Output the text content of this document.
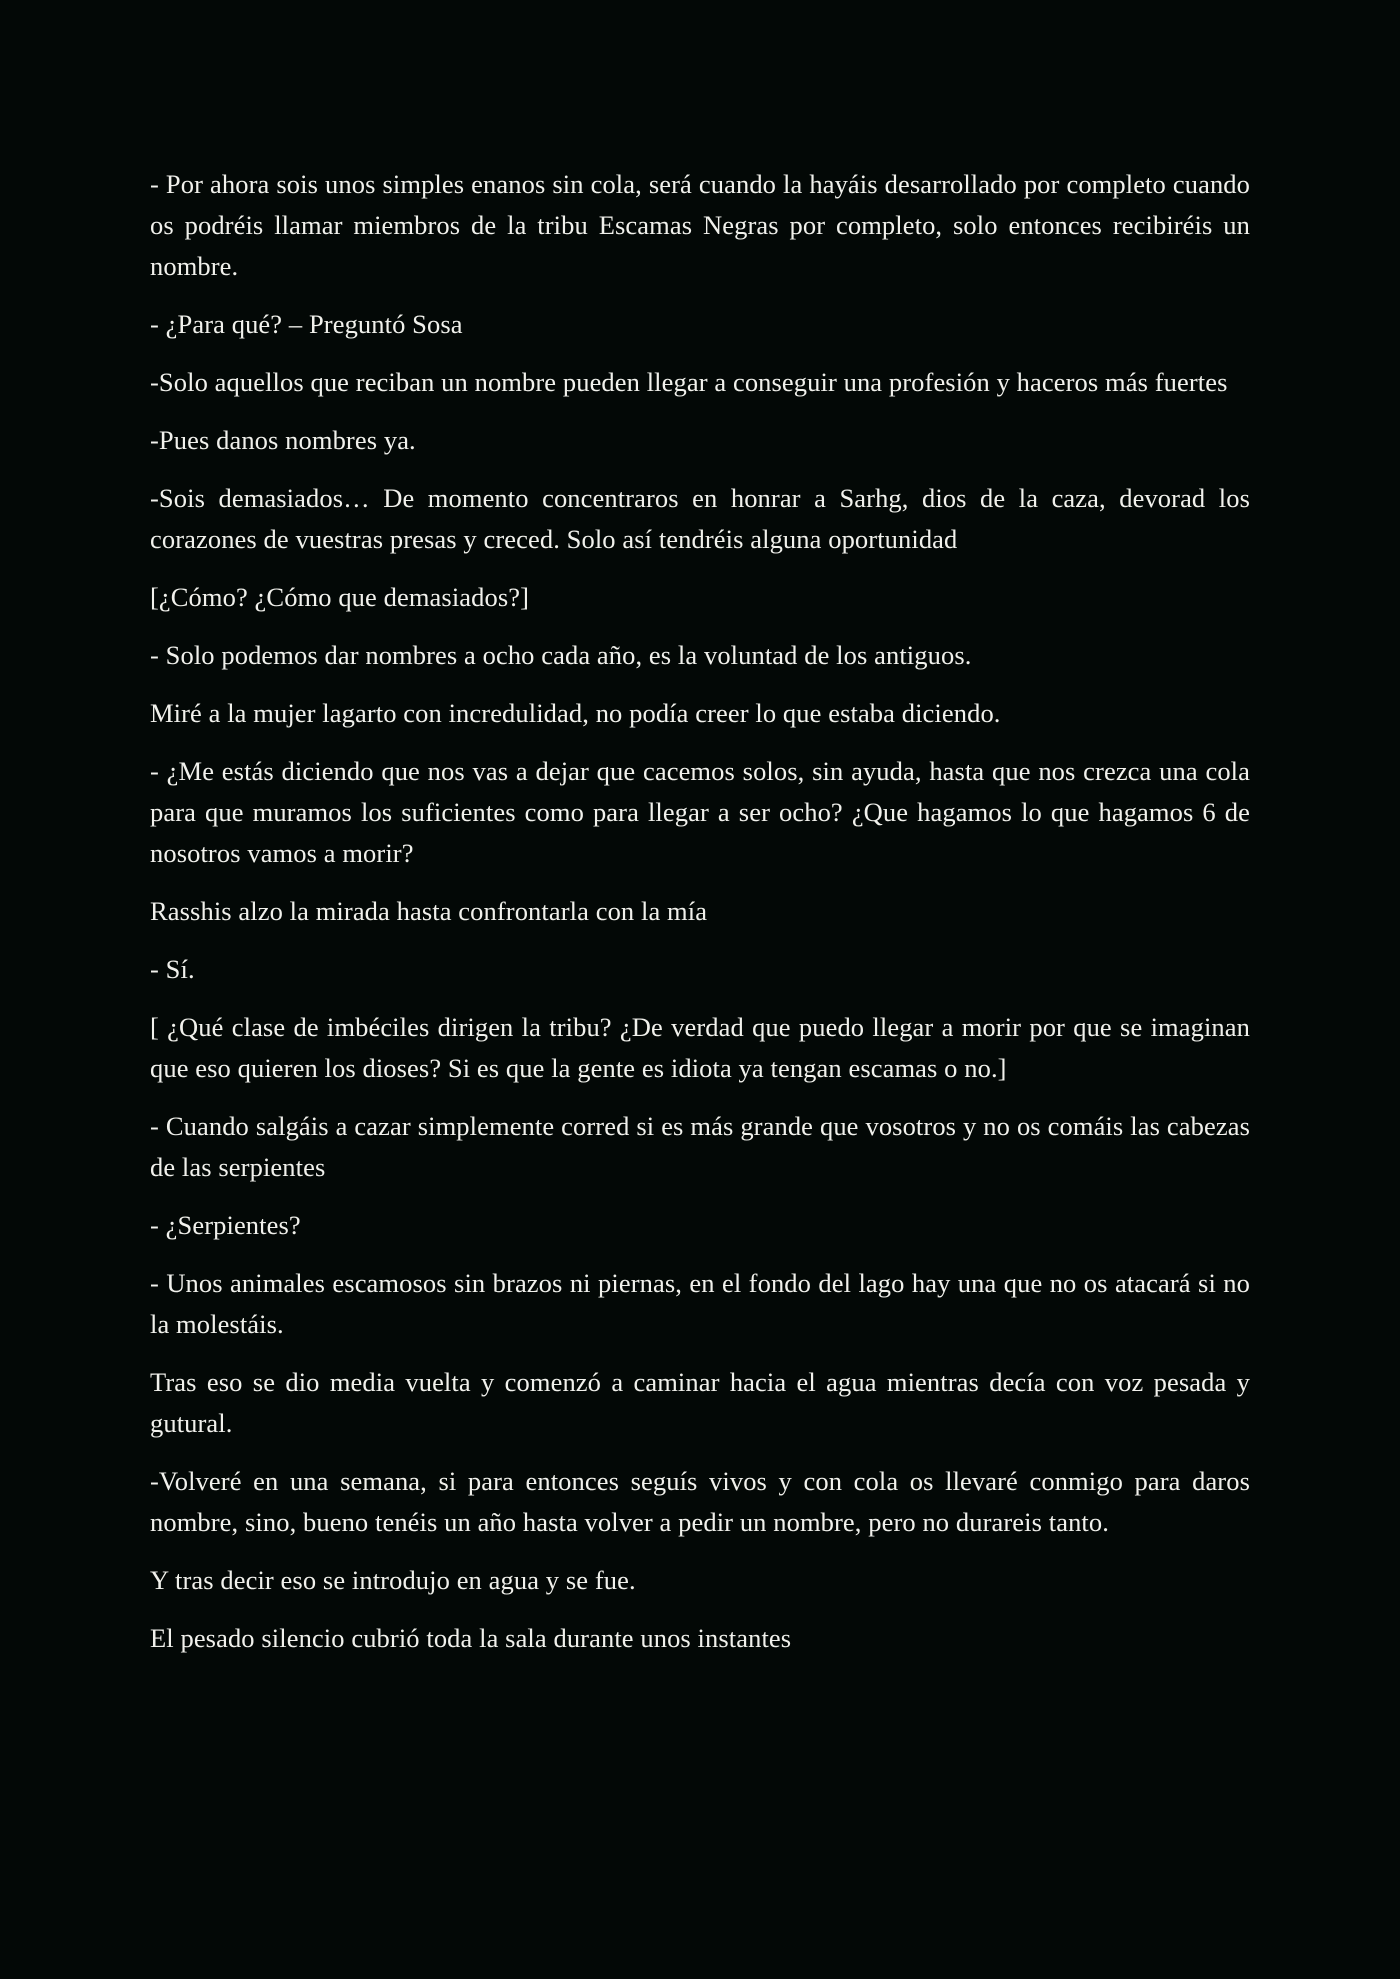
- Por ahora sois unos simples enanos sin cola, será cuando la hayáis desarrollado por completo cuando os podréis llamar miembros de la tribu Escamas Negras por completo, solo entonces recibiréis un nombre.

- ¿Para qué? – Preguntó Sosa

-Solo aquellos que reciban un nombre pueden llegar a conseguir una profesión y haceros más fuertes

-Pues danos nombres ya.

-Sois demasiados… De momento concentraros en honrar a Sarhg, dios de la caza, devorad los corazones de vuestras presas y creced. Solo así tendréis alguna oportunidad

[¿Cómo? ¿Cómo que demasiados?]

- Solo podemos dar nombres a ocho cada año, es la voluntad de los antiguos.

Miré a la mujer lagarto con incredulidad, no podía creer lo que estaba diciendo.

- ¿Me estás diciendo que nos vas a dejar que cacemos solos, sin ayuda, hasta que nos crezca una cola para que muramos los suficientes como para llegar a ser ocho? ¿Que hagamos lo que hagamos 6 de nosotros vamos a morir?

Rasshis alzo la mirada hasta confrontarla con la mía

- Sí.

[ ¿Qué clase de imbéciles dirigen la tribu? ¿De verdad que puedo llegar a morir por que se imaginan que eso quieren los dioses? Si es que la gente es idiota ya tengan escamas o no.]

- Cuando salgáis a cazar simplemente corred si es más grande que vosotros y no os comáis las cabezas de las serpientes

- ¿Serpientes?

- Unos animales escamosos sin brazos ni piernas, en el fondo del lago hay una que no os atacará si no la molestáis.

Tras eso se dio media vuelta y comenzó a caminar hacia el agua mientras decía con voz pesada y gutural.

-Volveré en una semana, si para entonces seguís vivos y con cola os llevaré conmigo para daros nombre, sino, bueno tenéis un año hasta volver a pedir un nombre, pero no durareis tanto.

Y tras decir eso se introdujo en agua y se fue.

El pesado silencio cubrió toda la sala durante unos instantes
